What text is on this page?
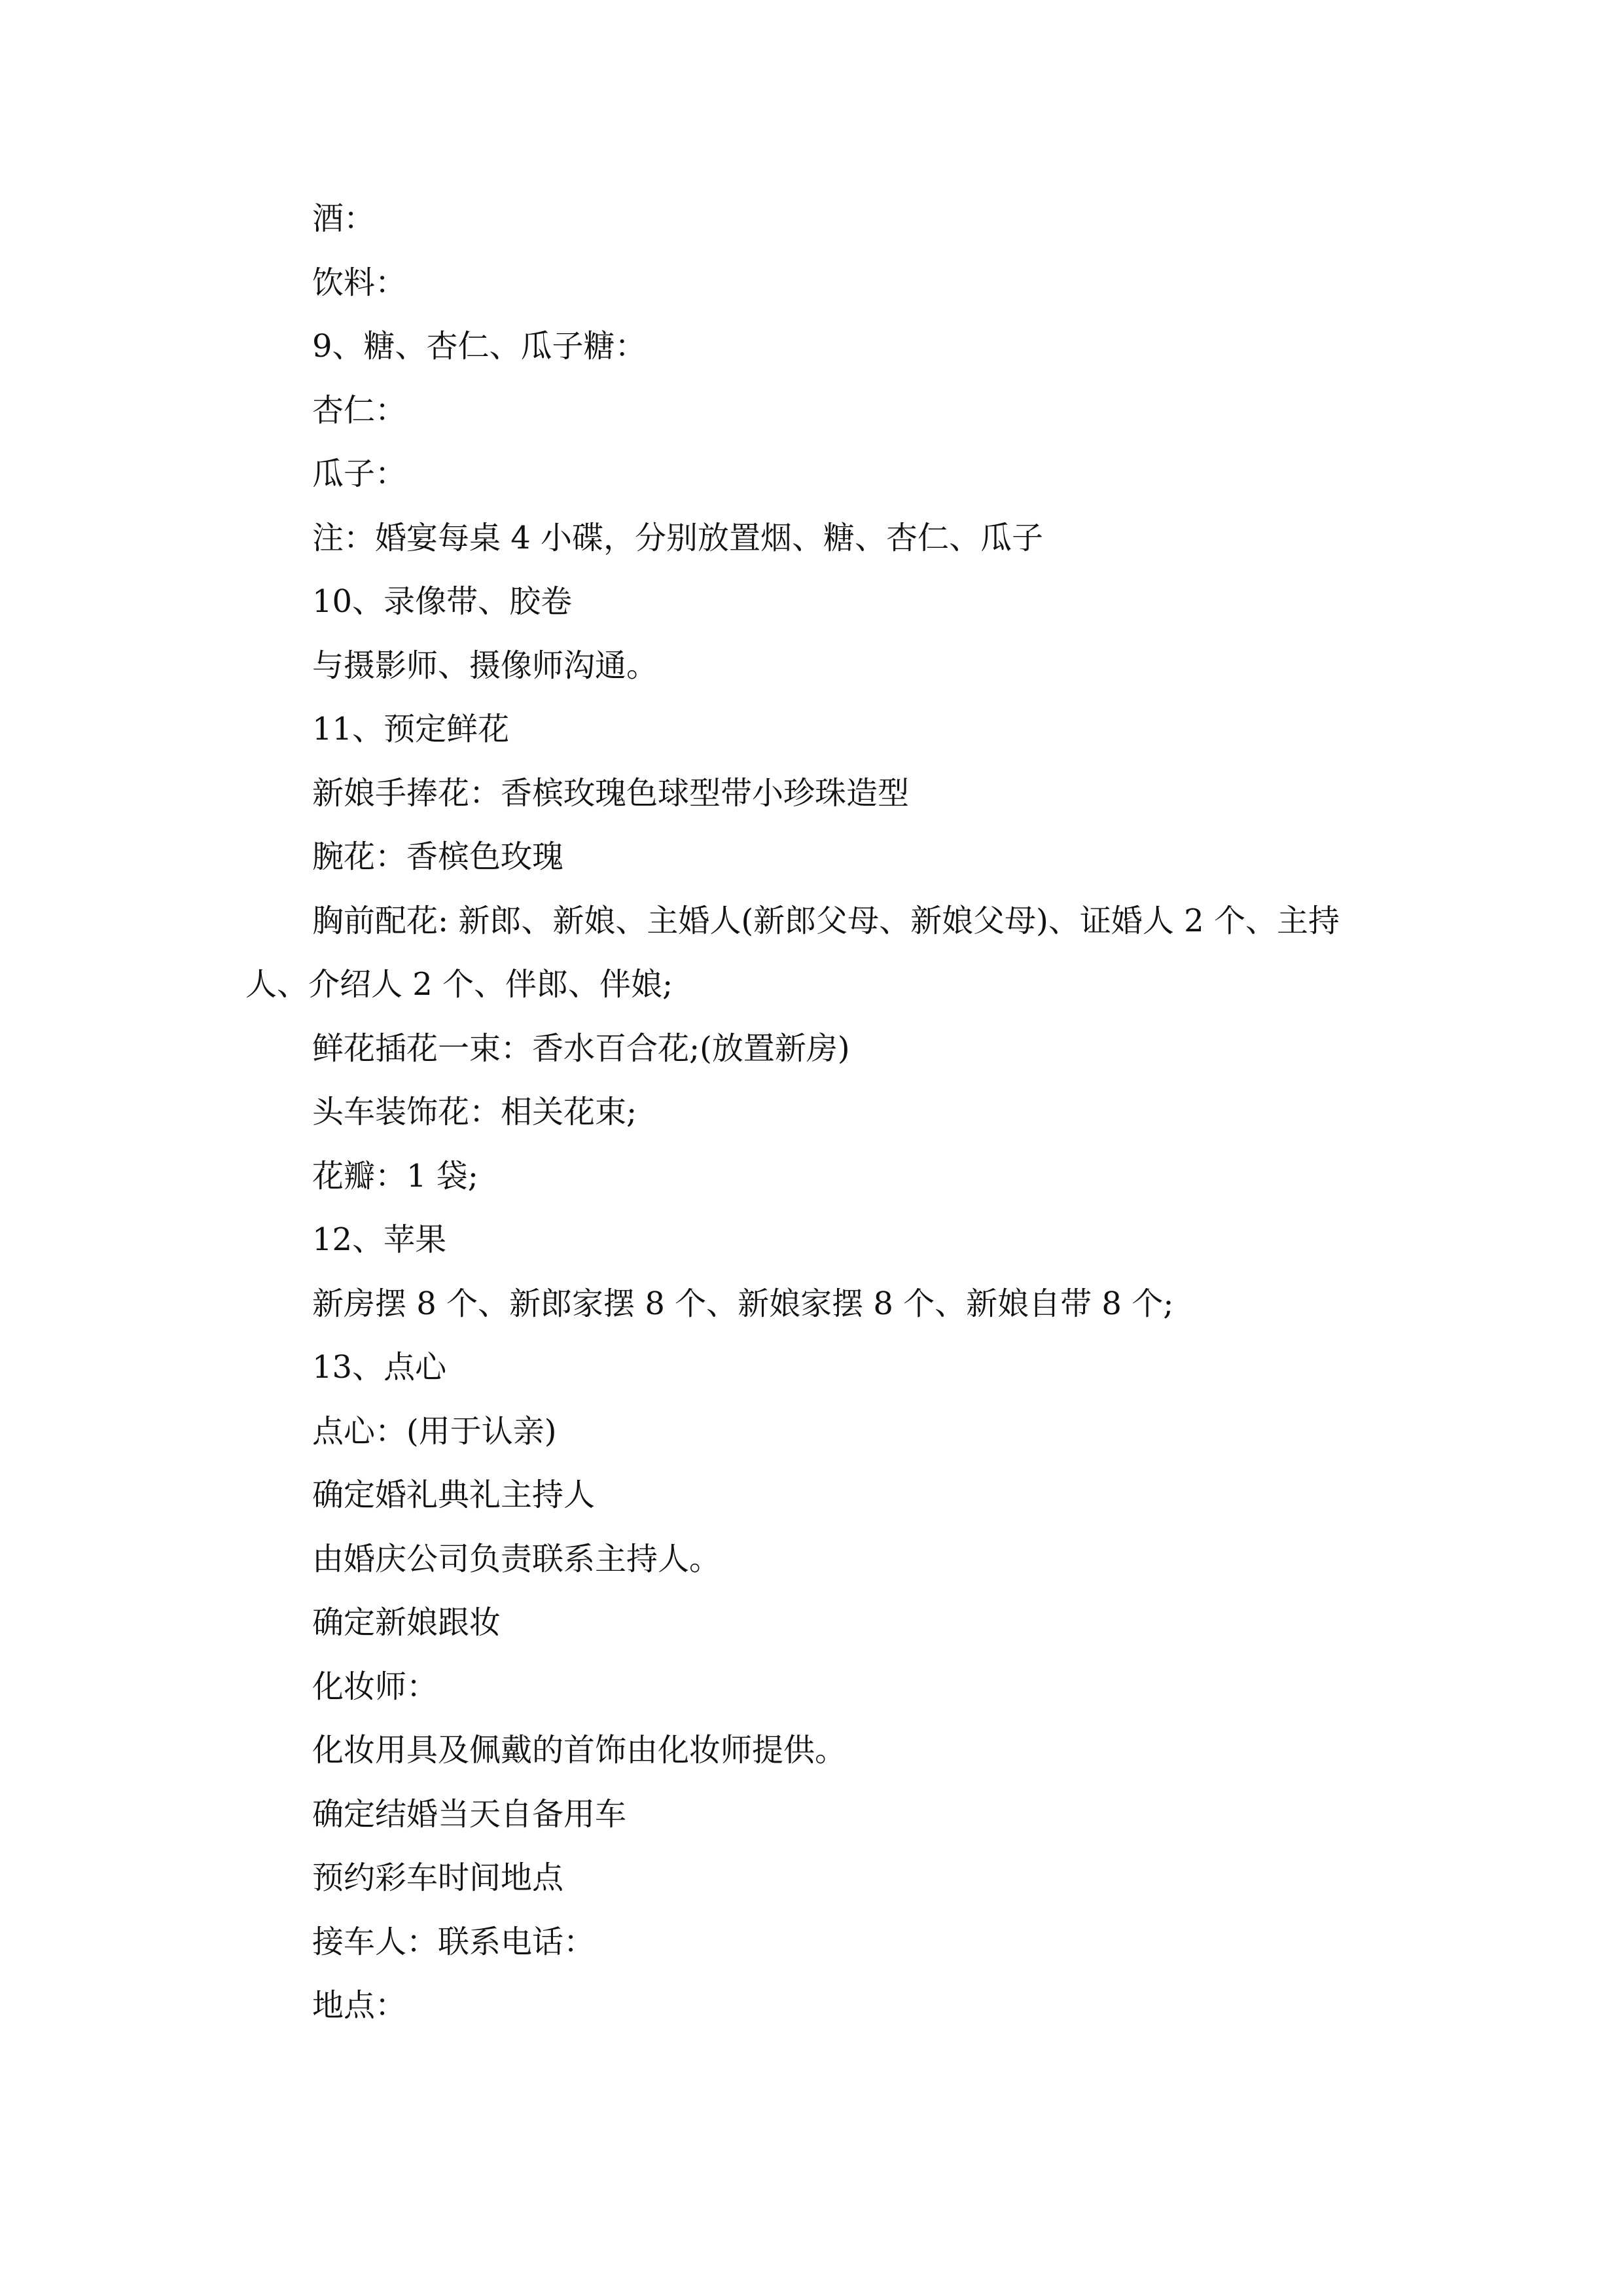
酒：
饮料：
9、糖、杏仁、瓜子糖：
杏仁：
瓜子：
注：婚宴每桌 4 小碟，分别放置烟、糖、杏仁、瓜子
10、录像带、胶卷
与摄影师、摄像师沟通。
11、预定鲜花
新娘手捧花：香槟玫瑰色球型带小珍珠造型
腕花：香槟色玫瑰
胸前配花: 新郎、新娘、主婚人(新郎父母、新娘父母)、证婚人 2 个、主持
人、介绍人 2 个、伴郎、伴娘;
鲜花插花一束：香水百合花;(放置新房)
头车装饰花：相关花束;
花瓣：1 袋;
12、苹果
新房摆 8 个、新郎家摆 8 个、新娘家摆 8 个、新娘自带 8 个;
13、点心
点心：(用于认亲)
确定婚礼典礼主持人
由婚庆公司负责联系主持人。
确定新娘跟妆
化妆师：
化妆用具及佩戴的首饰由化妆师提供。
确定结婚当天自备用车
预约彩车时间地点
接车人：联系电话：
地点：
